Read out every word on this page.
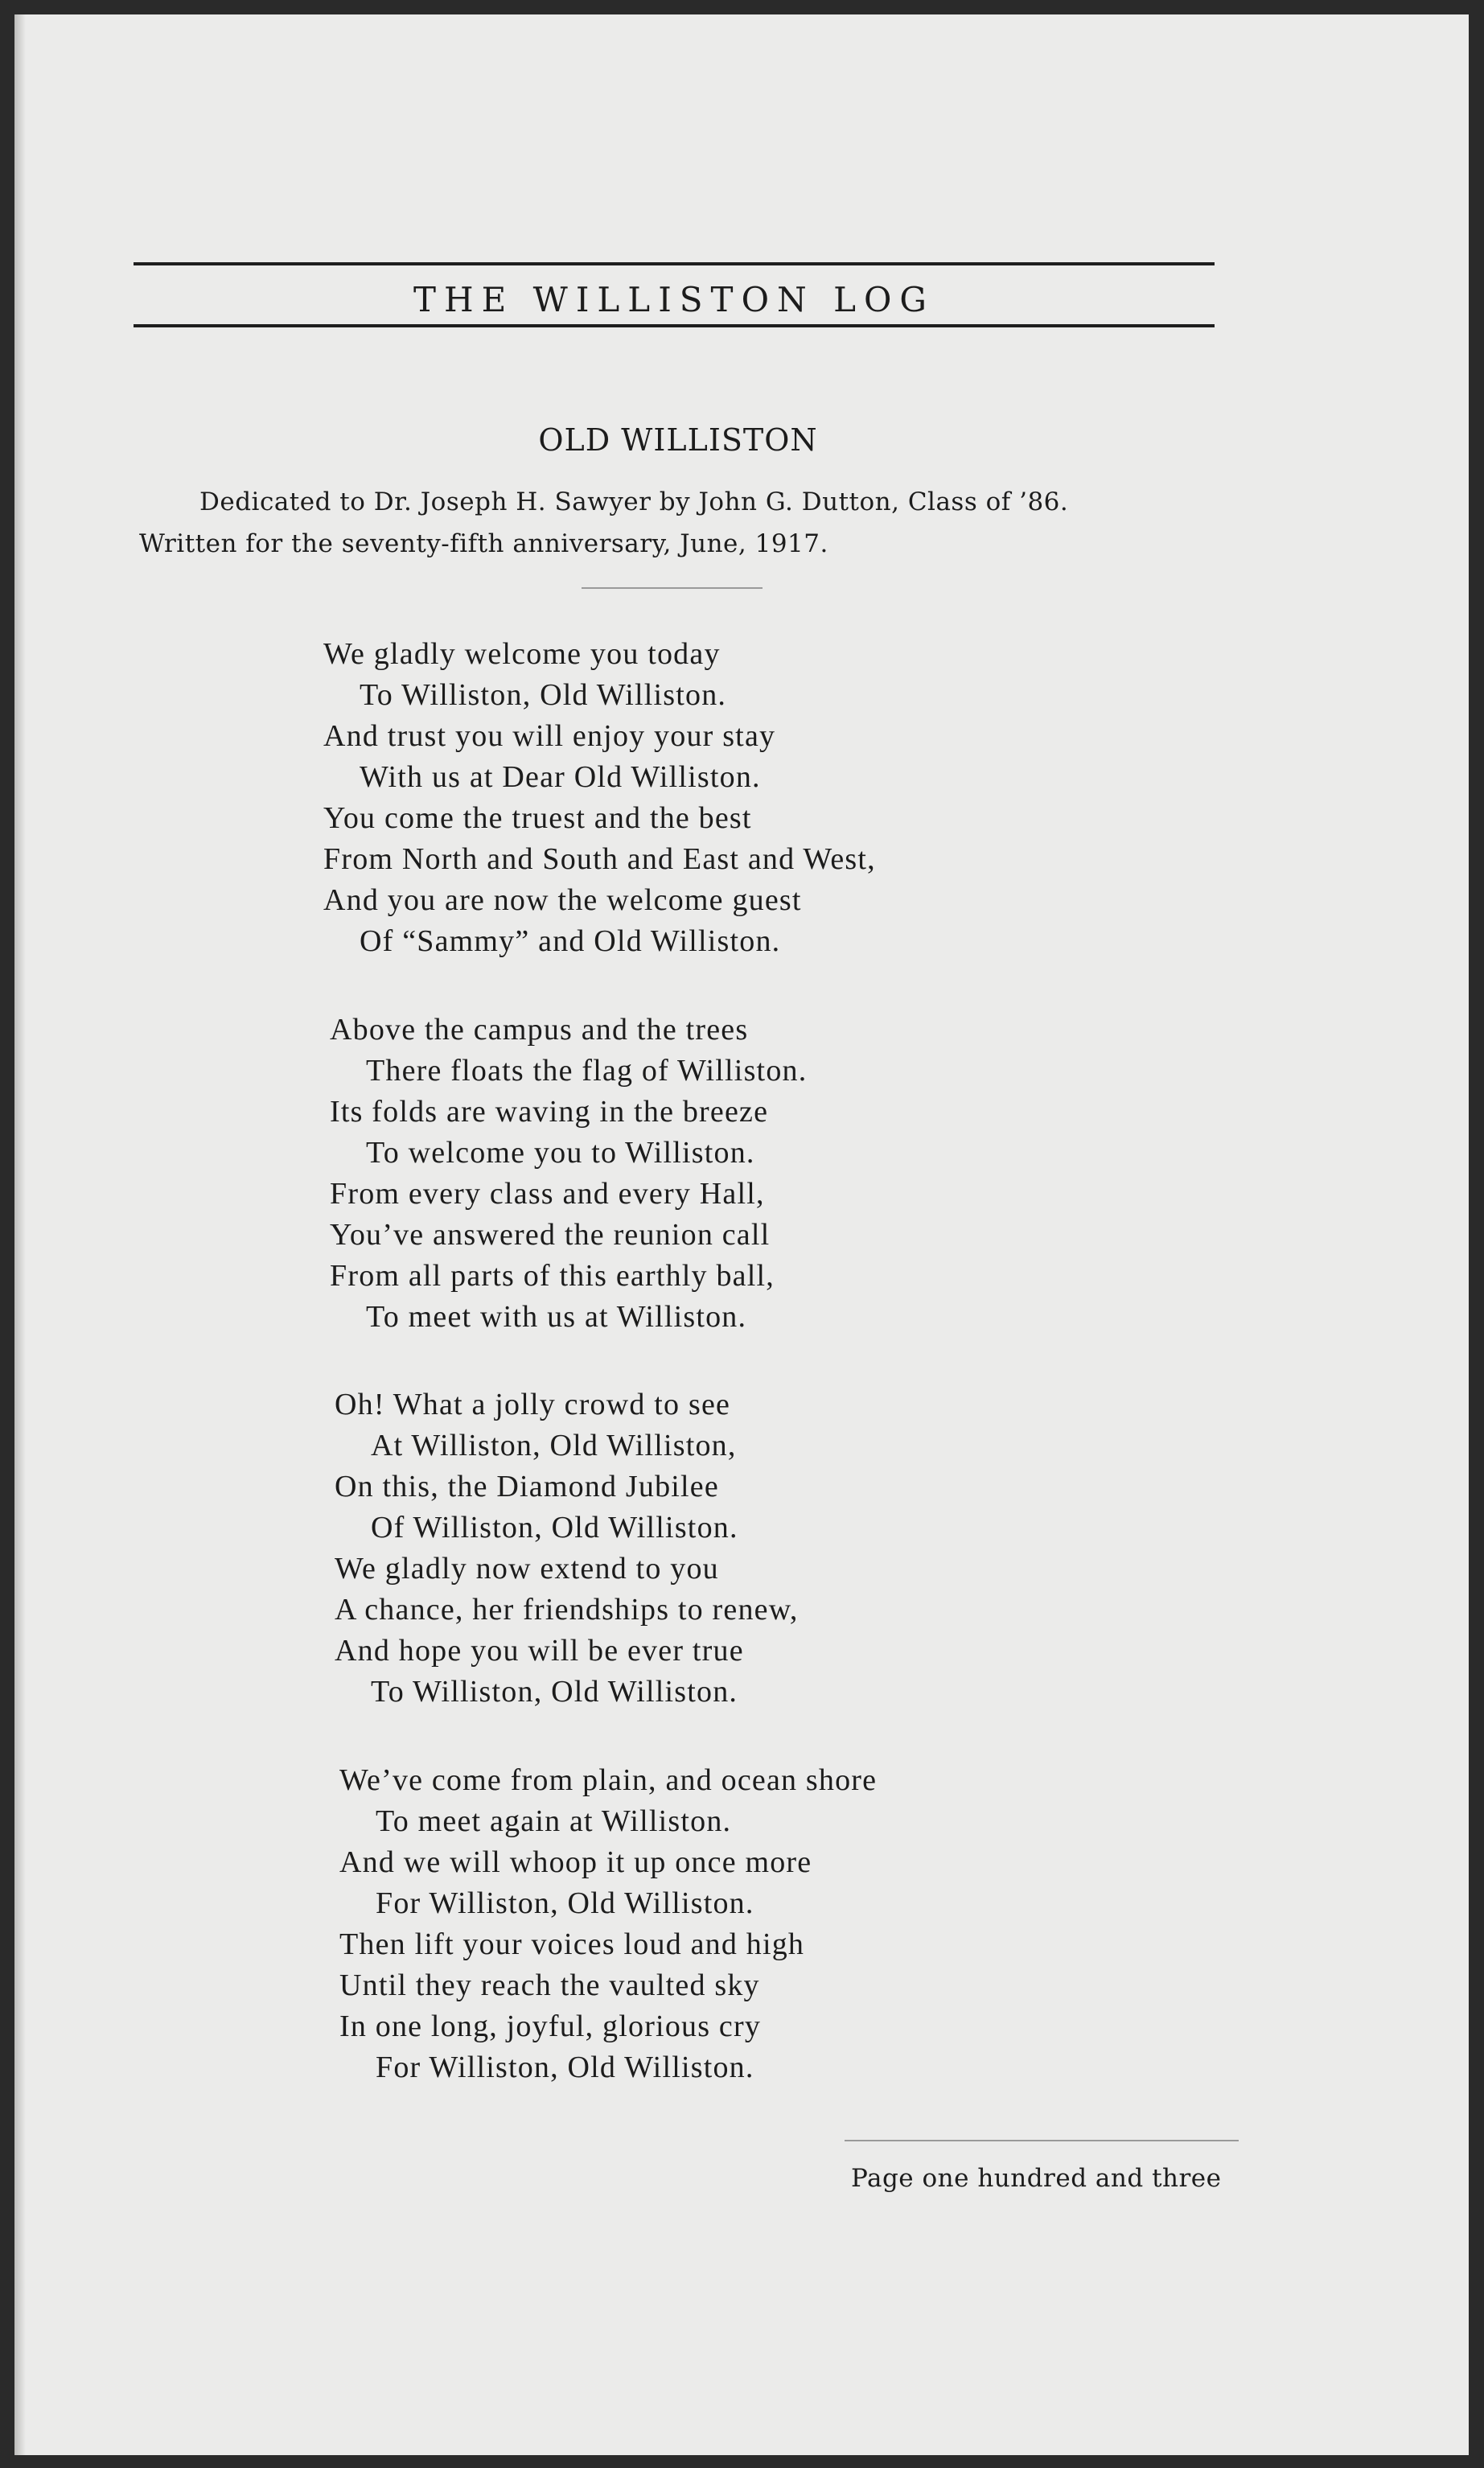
THE WILLISTON LOG
OLD WILLISTON
Dedicated to Dr. Joseph H. Sawyer by John G. Dutton, Class of ’86.
Written for the seventy-fifth anniversary, June, 1917.
We gladly welcome you today
To Williston, Old Williston.
And trust you will enjoy your stay
With us at Dear Old Williston.
You come the truest and the best
From North and South and East and West,
And you are now the welcome guest
Of “Sammy” and Old Williston.
Above the campus and the trees
There floats the flag of Williston.
Its folds are waving in the breeze
To welcome you to Williston.
From every class and every Hall,
You’ve answered the reunion call
From all parts of this earthly ball,
To meet with us at Williston.
Oh! What a jolly crowd to see
At Williston, Old Williston,
On this, the Diamond Jubilee
Of Williston, Old Williston.
We gladly now extend to you
A chance, her friendships to renew,
And hope you will be ever true
To Williston, Old Williston.
We’ve come from plain, and ocean shore
To meet again at Williston.
And we will whoop it up once more
For Williston, Old Williston.
Then lift your voices loud and high
Until they reach the vaulted sky
In one long, joyful, glorious cry
For Williston, Old Williston.
Page one hundred and three
